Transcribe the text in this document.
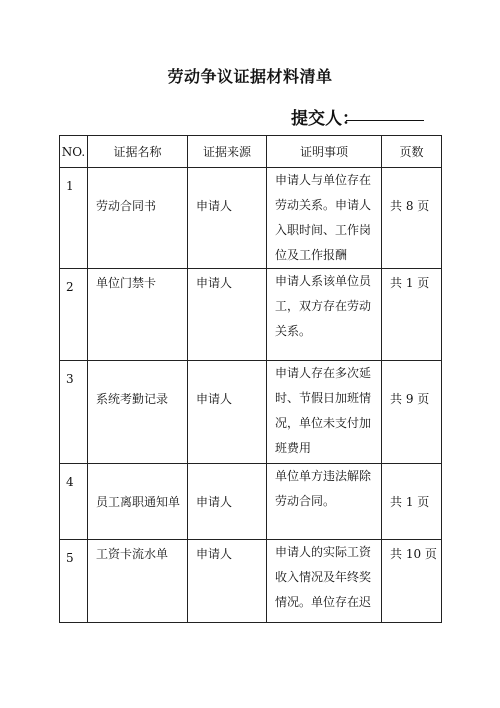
劳动争议证据材料清单
提交人：
NO.	证据名称	证据来源	证明事项	页数
1	劳动合同书	申请人	申请人与单位存在劳动关系。申请人入职时间、工作岗位及工作报酬	共 8 页
2	单位门禁卡	申请人	申请人系该单位员工，双方存在劳动关系。	共 1 页
3	系统考勤记录	申请人	申请人存在多次延时、节假日加班情况，单位未支付加班费用	共 9 页
4	员工离职通知单	申请人	单位单方违法解除劳动合同。	共 1 页
5	工资卡流水单	申请人	申请人的实际工资收入情况及年终奖情况。单位存在迟	共 10 页
